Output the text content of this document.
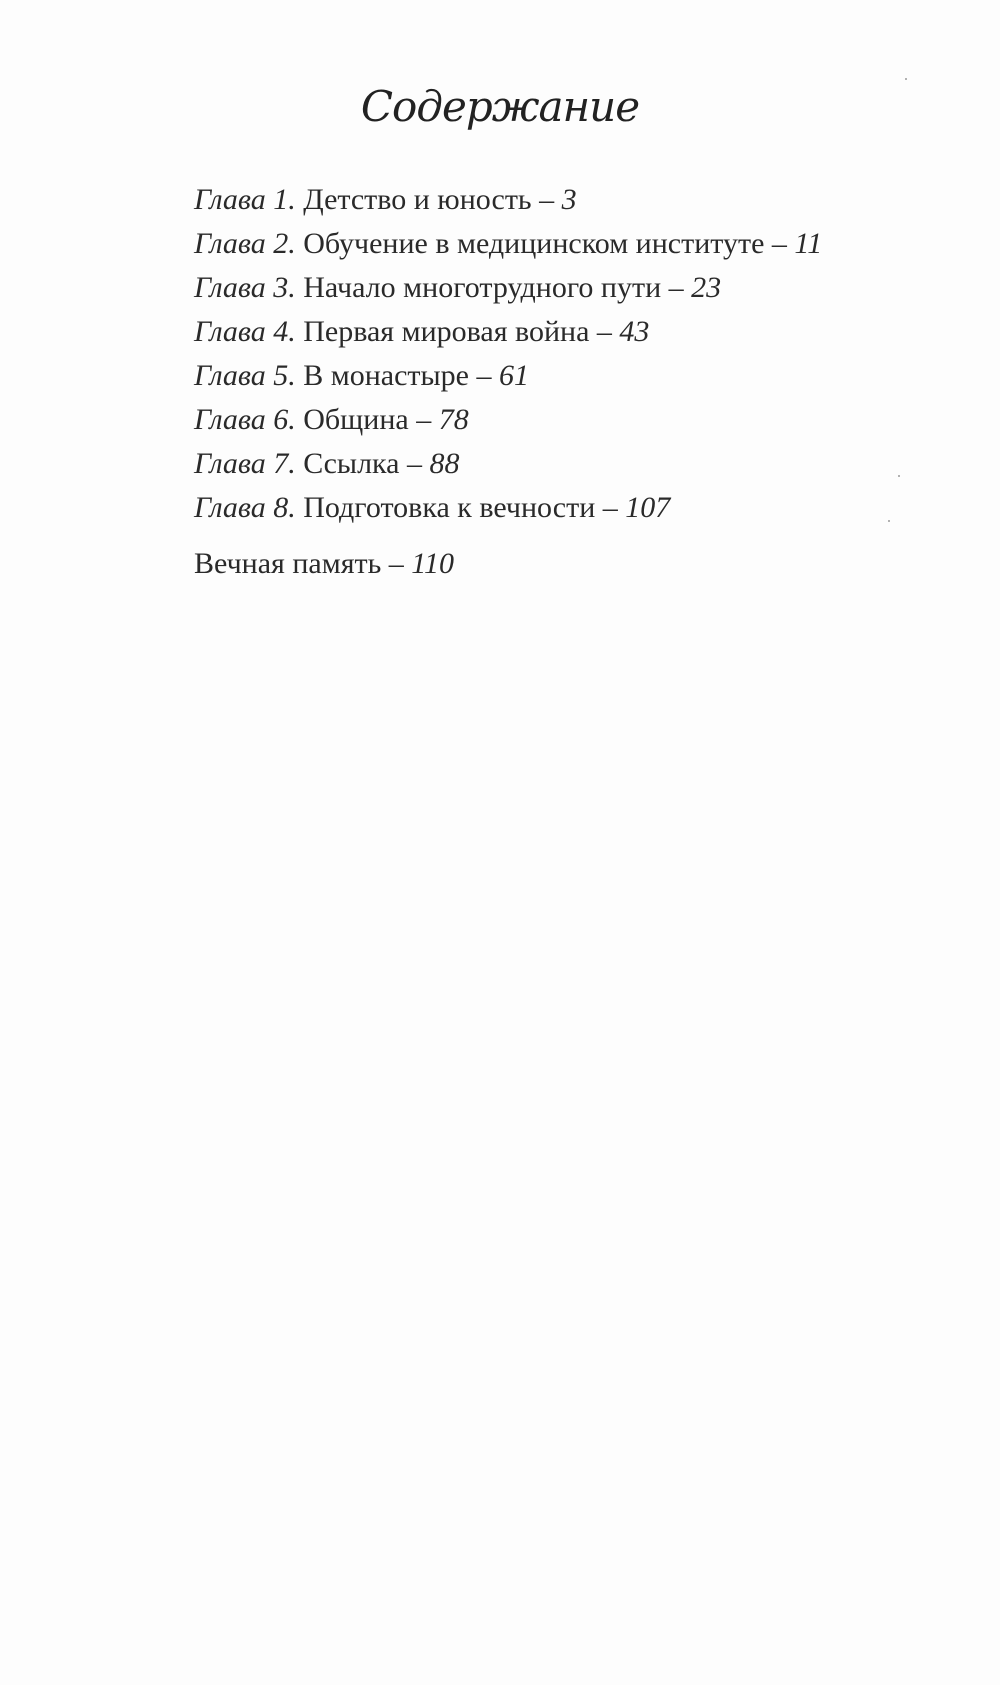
Содержание
Глава 1. Детство и юность – 3
Глава 2. Обучение в медицинском институте – 11
Глава 3. Начало многотрудного пути – 23
Глава 4. Первая мировая война – 43
Глава 5. В монастыре – 61
Глава 6. Община – 78
Глава 7. Ссылка – 88
Глава 8. Подготовка к вечности – 107
Вечная память – 110
